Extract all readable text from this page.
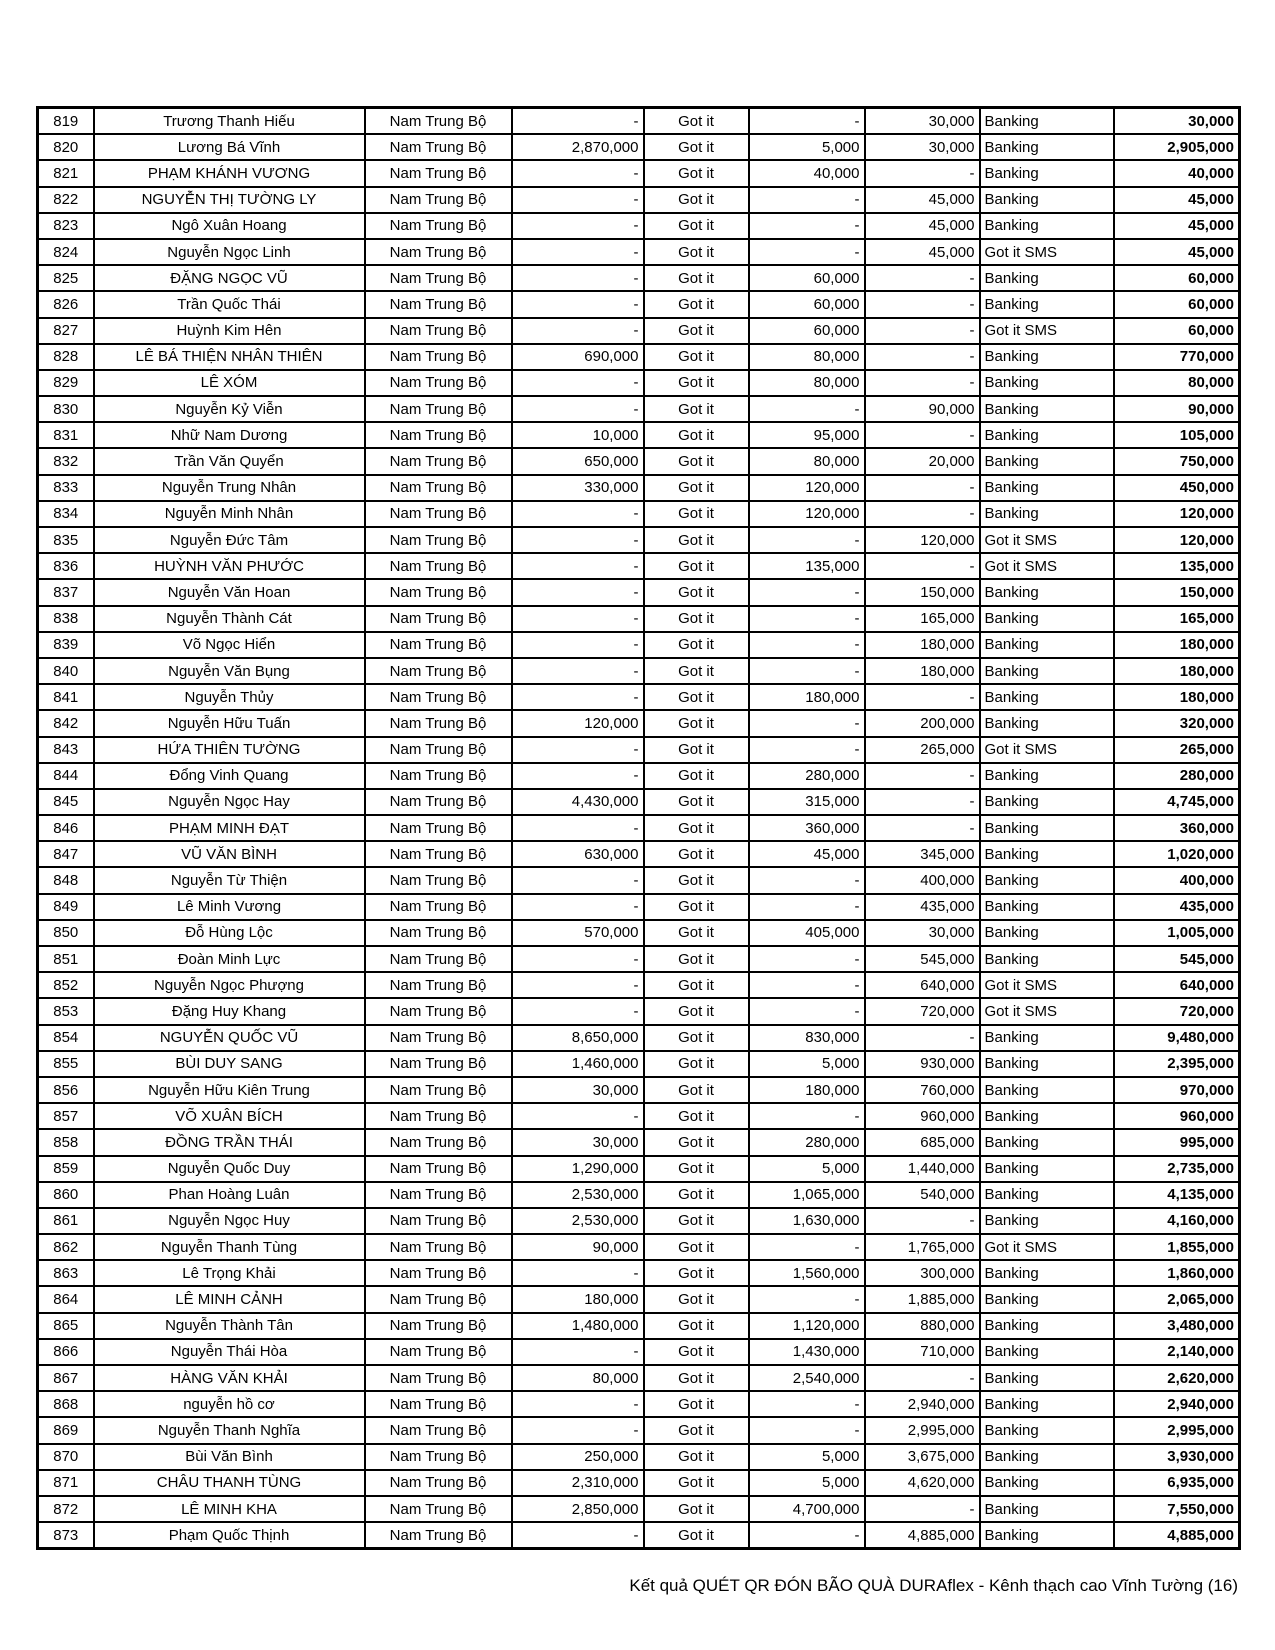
819	Trương Thanh Hiếu	Nam Trung Bộ	-	Got it	-	30,000	Banking	30,000
820	Lương Bá Vĩnh	Nam Trung Bộ	2,870,000	Got it	5,000	30,000	Banking	2,905,000
821	PHẠM KHÁNH VƯƠNG	Nam Trung Bộ	-	Got it	40,000	-	Banking	40,000
822	NGUYỄN THỊ TƯỜNG LY	Nam Trung Bộ	-	Got it	-	45,000	Banking	45,000
823	Ngô Xuân Hoang	Nam Trung Bộ	-	Got it	-	45,000	Banking	45,000
824	Nguyễn Ngọc Linh	Nam Trung Bộ	-	Got it	-	45,000	Got it SMS	45,000
825	ĐẶNG NGỌC VŨ	Nam Trung Bộ	-	Got it	60,000	-	Banking	60,000
826	Trần Quốc Thái	Nam Trung Bộ	-	Got it	60,000	-	Banking	60,000
827	Huỳnh Kim Hên	Nam Trung Bộ	-	Got it	60,000	-	Got it SMS	60,000
828	LÊ BÁ THIỆN NHÂN THIÊN	Nam Trung Bộ	690,000	Got it	80,000	-	Banking	770,000
829	LÊ XÓM	Nam Trung Bộ	-	Got it	80,000	-	Banking	80,000
830	Nguyễn Kỷ Viễn	Nam Trung Bộ	-	Got it	-	90,000	Banking	90,000
831	Nhữ Nam Dương	Nam Trung Bộ	10,000	Got it	95,000	-	Banking	105,000
832	Trần Văn Quyển	Nam Trung Bộ	650,000	Got it	80,000	20,000	Banking	750,000
833	Nguyễn Trung Nhân	Nam Trung Bộ	330,000	Got it	120,000	-	Banking	450,000
834	Nguyễn Minh Nhân	Nam Trung Bộ	-	Got it	120,000	-	Banking	120,000
835	Nguyễn Đức Tâm	Nam Trung Bộ	-	Got it	-	120,000	Got it SMS	120,000
836	HUỲNH VĂN PHƯỚC	Nam Trung Bộ	-	Got it	135,000	-	Got it SMS	135,000
837	Nguyễn Văn Hoan	Nam Trung Bộ	-	Got it	-	150,000	Banking	150,000
838	Nguyễn Thành Cát	Nam Trung Bộ	-	Got it	-	165,000	Banking	165,000
839	Võ Ngọc Hiển	Nam Trung Bộ	-	Got it	-	180,000	Banking	180,000
840	Nguyễn Văn Bụng	Nam Trung Bộ	-	Got it	-	180,000	Banking	180,000
841	Nguyễn Thủy	Nam Trung Bộ	-	Got it	180,000	-	Banking	180,000
842	Nguyễn Hữu Tuấn	Nam Trung Bộ	120,000	Got it	-	200,000	Banking	320,000
843	HỨA THIÊN TƯỜNG	Nam Trung Bộ	-	Got it	-	265,000	Got it SMS	265,000
844	Đổng Vinh Quang	Nam Trung Bộ	-	Got it	280,000	-	Banking	280,000
845	Nguyễn Ngọc Hay	Nam Trung Bộ	4,430,000	Got it	315,000	-	Banking	4,745,000
846	PHẠM MINH ĐẠT	Nam Trung Bộ	-	Got it	360,000	-	Banking	360,000
847	VŨ VĂN BÌNH	Nam Trung Bộ	630,000	Got it	45,000	345,000	Banking	1,020,000
848	Nguyễn Từ Thiện	Nam Trung Bộ	-	Got it	-	400,000	Banking	400,000
849	Lê Minh Vương	Nam Trung Bộ	-	Got it	-	435,000	Banking	435,000
850	Đỗ Hùng Lộc	Nam Trung Bộ	570,000	Got it	405,000	30,000	Banking	1,005,000
851	Đoàn Minh Lực	Nam Trung Bộ	-	Got it	-	545,000	Banking	545,000
852	Nguyễn Ngọc Phượng	Nam Trung Bộ	-	Got it	-	640,000	Got it SMS	640,000
853	Đặng Huy Khang	Nam Trung Bộ	-	Got it	-	720,000	Got it SMS	720,000
854	NGUYỄN QUỐC VŨ	Nam Trung Bộ	8,650,000	Got it	830,000	-	Banking	9,480,000
855	BÙI DUY SANG	Nam Trung Bộ	1,460,000	Got it	5,000	930,000	Banking	2,395,000
856	Nguyễn Hữu Kiên Trung	Nam Trung Bộ	30,000	Got it	180,000	760,000	Banking	970,000
857	VÕ XUÂN BÍCH	Nam Trung Bộ	-	Got it	-	960,000	Banking	960,000
858	ĐỒNG TRẦN THÁI	Nam Trung Bộ	30,000	Got it	280,000	685,000	Banking	995,000
859	Nguyễn Quốc Duy	Nam Trung Bộ	1,290,000	Got it	5,000	1,440,000	Banking	2,735,000
860	Phan Hoàng Luân	Nam Trung Bộ	2,530,000	Got it	1,065,000	540,000	Banking	4,135,000
861	Nguyễn Ngọc Huy	Nam Trung Bộ	2,530,000	Got it	1,630,000	-	Banking	4,160,000
862	Nguyễn Thanh Tùng	Nam Trung Bộ	90,000	Got it	-	1,765,000	Got it SMS	1,855,000
863	Lê Trọng Khải	Nam Trung Bộ	-	Got it	1,560,000	300,000	Banking	1,860,000
864	LÊ MINH CẢNH	Nam Trung Bộ	180,000	Got it	-	1,885,000	Banking	2,065,000
865	Nguyễn Thành Tân	Nam Trung Bộ	1,480,000	Got it	1,120,000	880,000	Banking	3,480,000
866	Nguyễn Thái Hòa	Nam Trung Bộ	-	Got it	1,430,000	710,000	Banking	2,140,000
867	HÀNG VĂN KHẢI	Nam Trung Bộ	80,000	Got it	2,540,000	-	Banking	2,620,000
868	nguyễn hồ cơ	Nam Trung Bộ	-	Got it	-	2,940,000	Banking	2,940,000
869	Nguyễn Thanh Nghĩa	Nam Trung Bộ	-	Got it	-	2,995,000	Banking	2,995,000
870	Bùi Văn Bình	Nam Trung Bộ	250,000	Got it	5,000	3,675,000	Banking	3,930,000
871	CHÂU THANH TÙNG	Nam Trung Bộ	2,310,000	Got it	5,000	4,620,000	Banking	6,935,000
872	LÊ MINH KHA	Nam Trung Bộ	2,850,000	Got it	4,700,000	-	Banking	7,550,000
873	Phạm Quốc Thịnh	Nam Trung Bộ	-	Got it	-	4,885,000	Banking	4,885,000
Kết quả QUÉT QR ĐÓN BÃO QUÀ DURAflex - Kênh thạch cao Vĩnh Tường (16)
